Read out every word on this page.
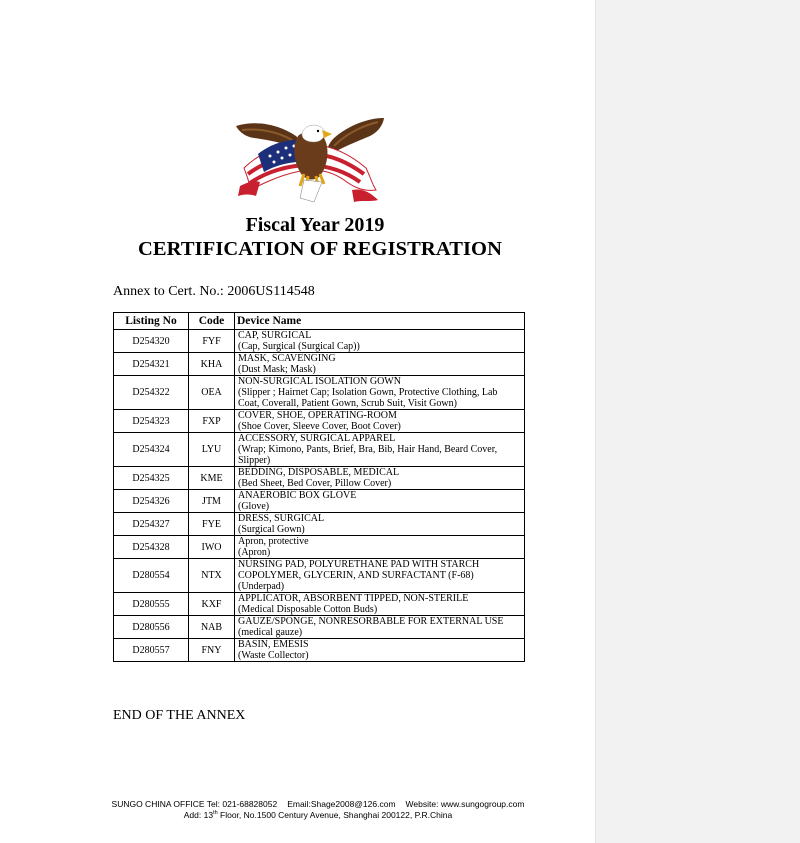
Fiscal Year 2019
CERTIFICATION OF REGISTRATION
Annex to Cert. No.: 2006US114548
Listing No	Code	Device Name
D254320	FYF	CAP, SURGICAL
(Cap, Surgical (Surgical Cap))

D254321	KHA	MASK, SCAVENGING
(Dust Mask; Mask)

D254322	OEA	NON-SURGICAL ISOLATION GOWN
(Slipper ; Hairnet Cap; Isolation Gown, Protective Clothing, Lab
Coat, Coverall, Patient Gown, Scrub Suit, Visit Gown)

D254323	FXP	COVER, SHOE, OPERATING-ROOM
(Shoe Cover, Sleeve Cover, Boot Cover)

D254324	LYU	ACCESSORY, SURGICAL APPAREL
(Wrap; Kimono, Pants, Brief, Bra, Bib, Hair Hand, Beard Cover,
Slipper)

D254325	KME	BEDDING, DISPOSABLE, MEDICAL
(Bed Sheet, Bed Cover, Pillow Cover)

D254326	JTM	ANAEROBIC BOX GLOVE
(Glove)

D254327	FYE	DRESS, SURGICAL
(Surgical Gown)

D254328	IWO	Apron, protective
(Apron)

D280554	NTX	NURSING PAD, POLYURETHANE PAD WITH STARCH
COPOLYMER, GLYCERIN, AND SURFACTANT (F-68)
(Underpad)

D280555	KXF	APPLICATOR, ABSORBENT TIPPED, NON-STERILE
(Medical Disposable Cotton Buds)

D280556	NAB	GAUZE/SPONGE, NONRESORBABLE FOR EXTERNAL USE
(medical gauze)

D280557	FNY	BASIN, EMESIS
(Waste Collector)
END OF THE ANNEX
SUNGO CHINA OFFICE Tel: 021-68828052 Email:Shage2008@126.com Website: www.sungogroup.com
Add: 13th Floor, No.1500 Century Avenue, Shanghai 200122, P.R.China
